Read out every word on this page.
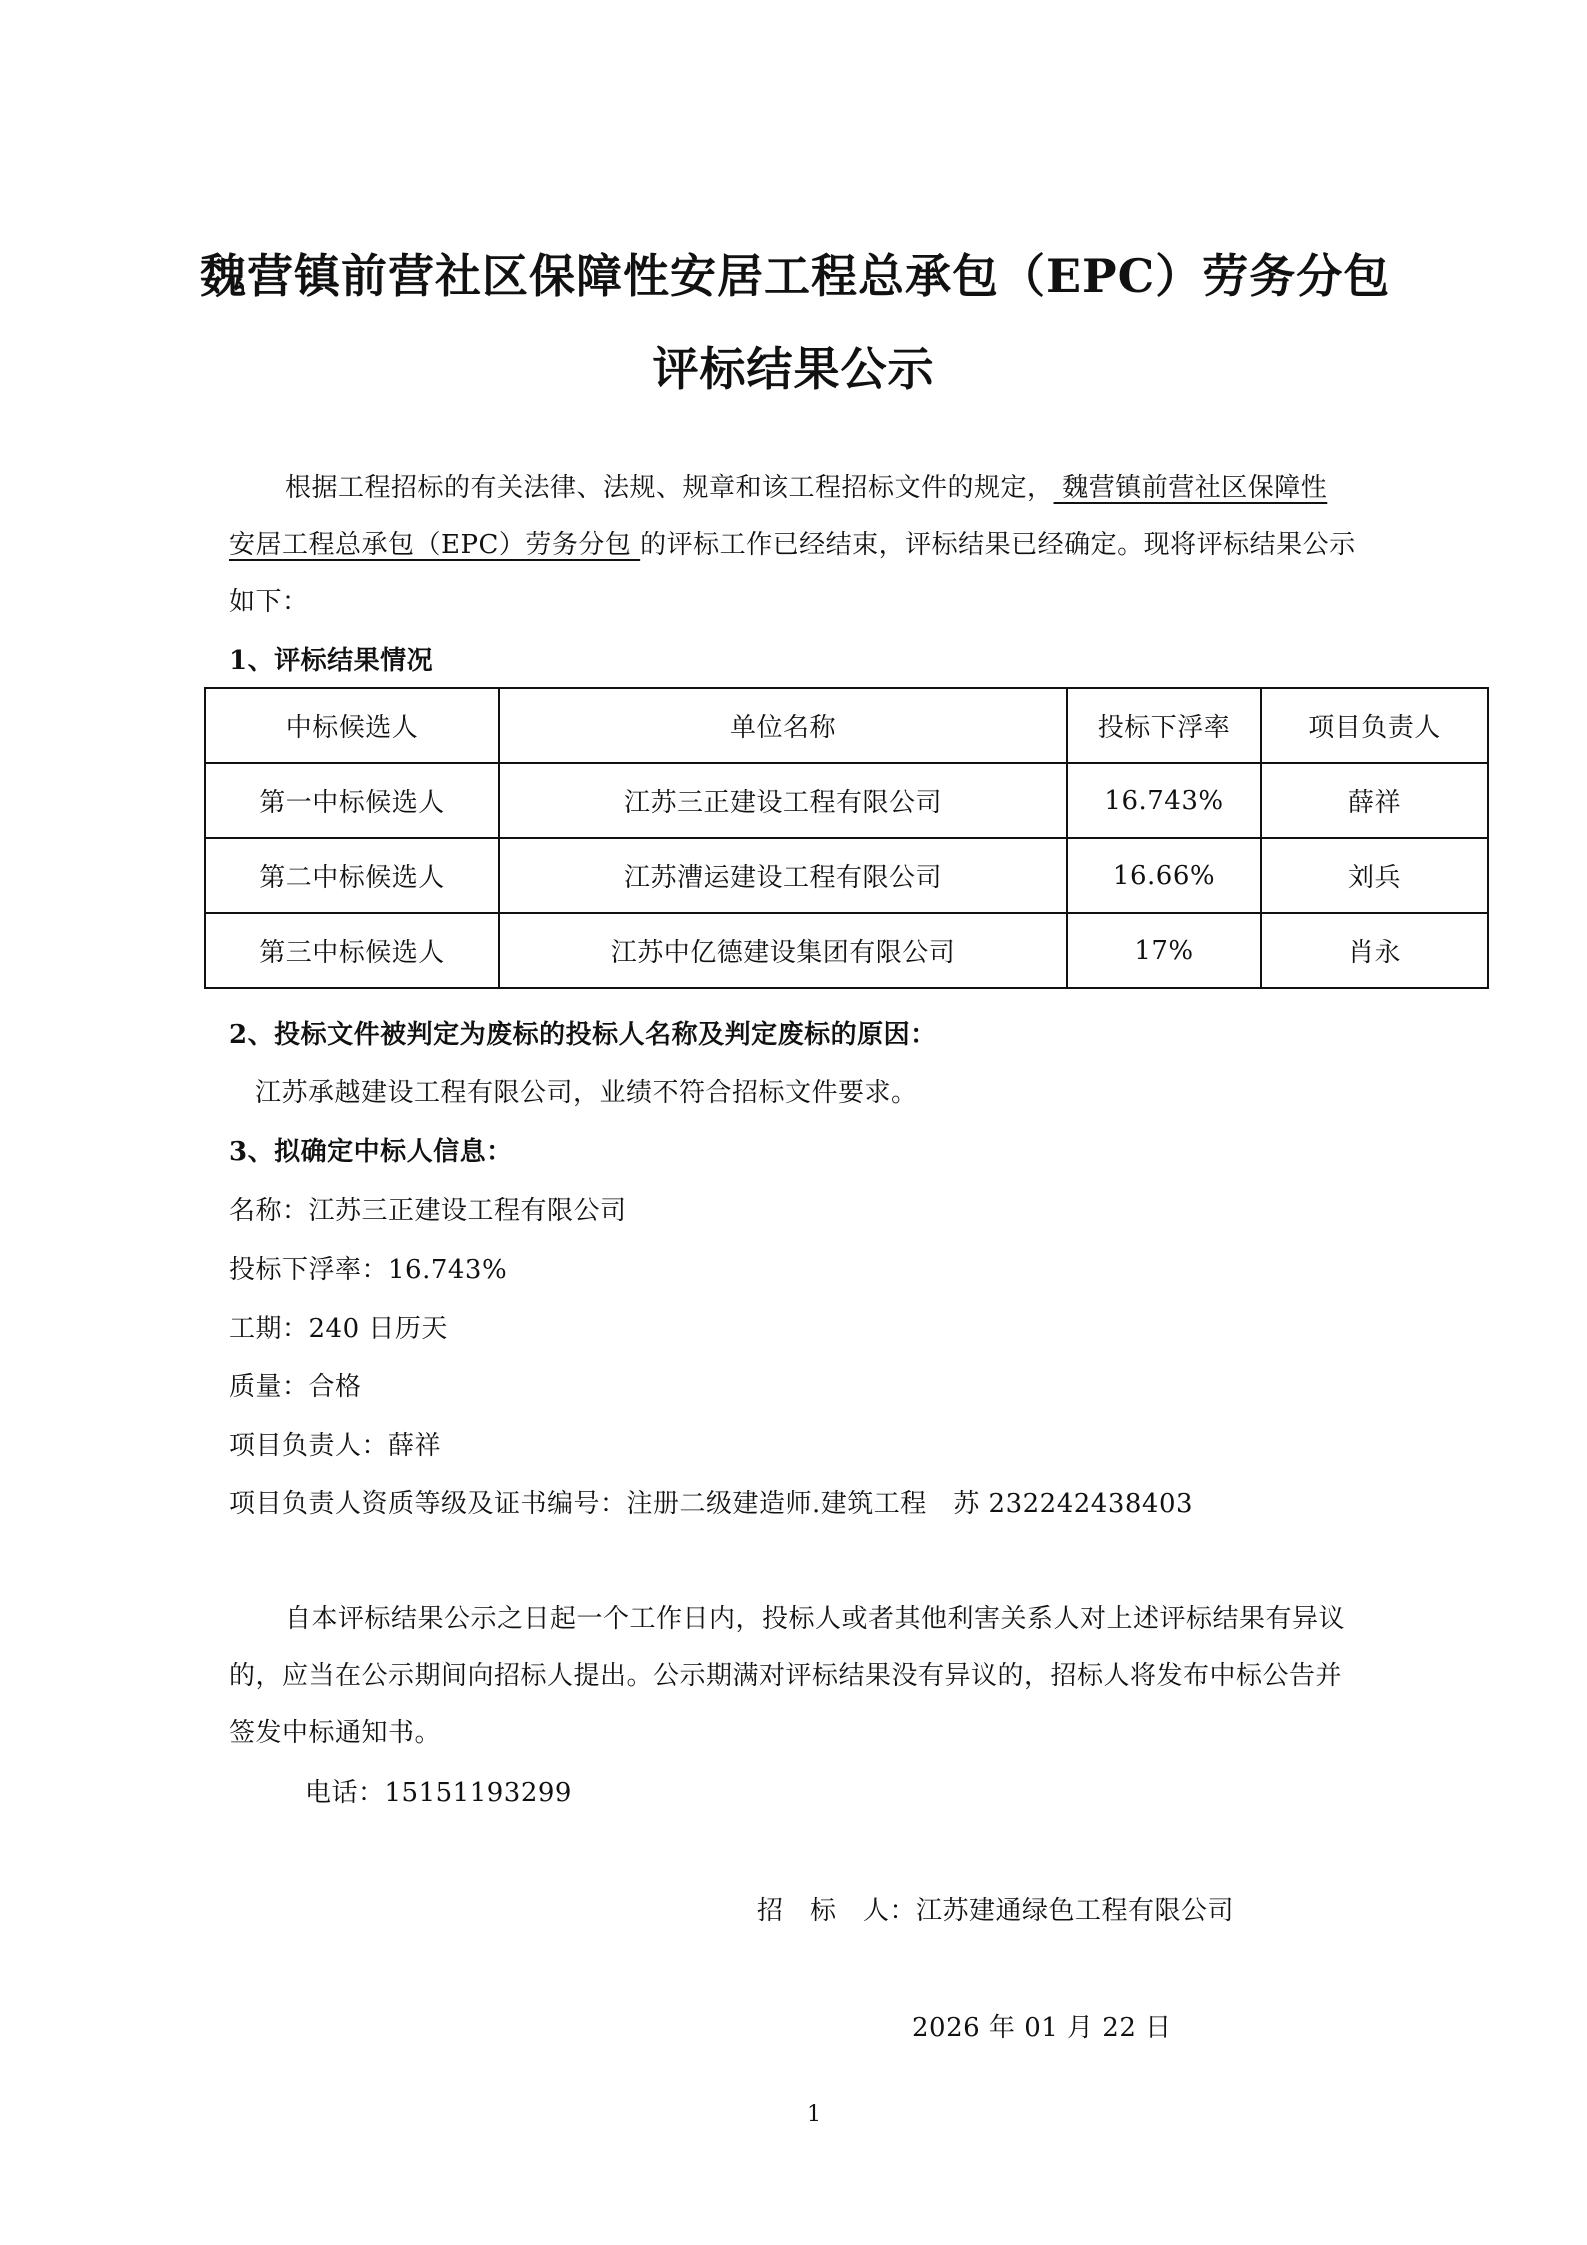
魏营镇前营社区保障性安居工程总承包（EPC）劳务分包
评标结果公示
根据工程招标的有关法律、法规、规章和该工程招标文件的规定， 魏营镇前营社区保障性
安居工程总承包（EPC）劳务分包 的评标工作已经结束，评标结果已经确定。现将评标结果公示
如下：
1、评标结果情况
中标候选人	单位名称	投标下浮率	项目负责人
第一中标候选人	江苏三正建设工程有限公司	16.743%	薛祥
第二中标候选人	江苏漕运建设工程有限公司	16.66%	刘兵
第三中标候选人	江苏中亿德建设集团有限公司	17%	肖永
2、投标文件被判定为废标的投标人名称及判定废标的原因：
江苏承越建设工程有限公司，业绩不符合招标文件要求。
3、拟确定中标人信息：
名称：江苏三正建设工程有限公司
投标下浮率：16.743%
工期：240 日历天
质量：合格
项目负责人：薛祥
项目负责人资质等级及证书编号：注册二级建造师.建筑工程　苏 232242438403
自本评标结果公示之日起一个工作日内，投标人或者其他利害关系人对上述评标结果有异议
的，应当在公示期间向招标人提出。公示期满对评标结果没有异议的，招标人将发布中标公告并
签发中标通知书。
电话：15151193299
招　标　人：江苏建通绿色工程有限公司
2026 年 01 月 22 日
1
